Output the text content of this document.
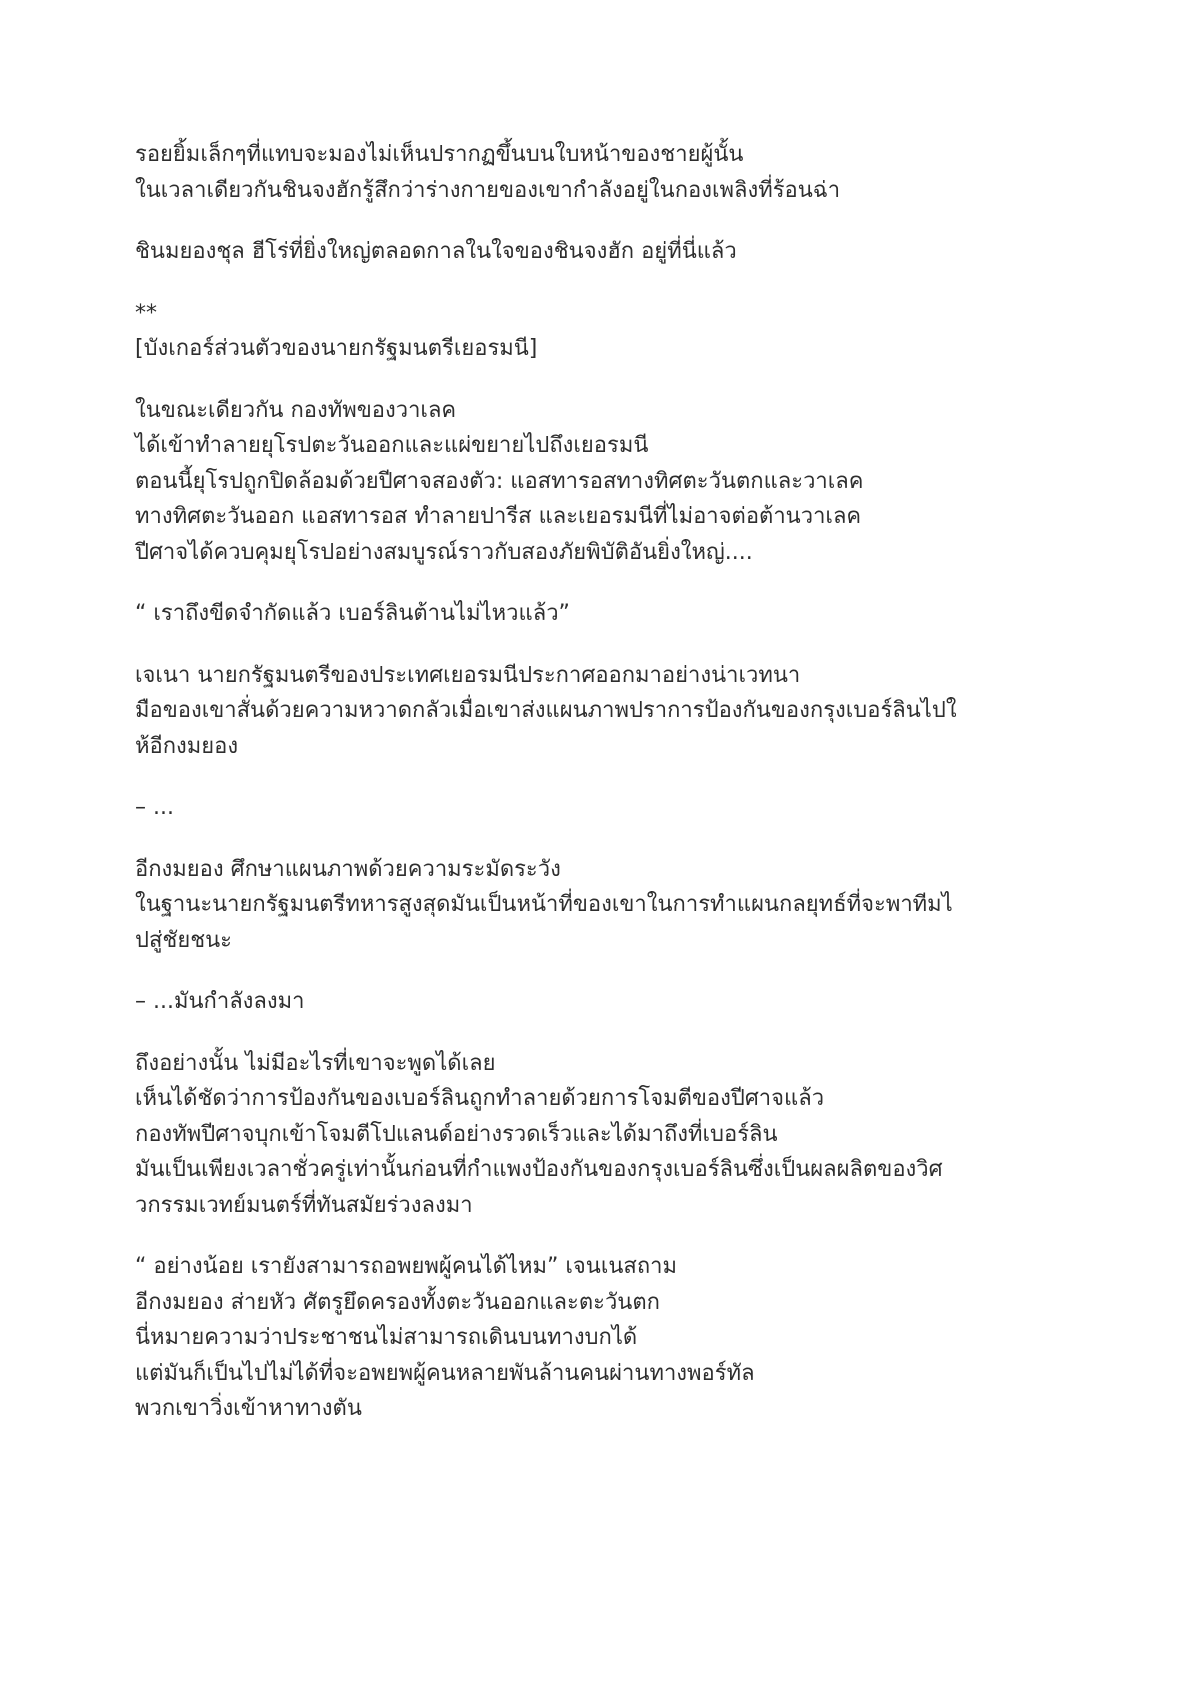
รอยยิ้มเล็กๆที่แทบจะมองไม่เห็นปรากฏขึ้นบนใบหน้าของชายผู้นั้น
ในเวลาเดียวกันชินจงฮักรู้สึกว่าร่างกายของเขากำลังอยู่ในกองเพลิงที่ร้อนฉ่า
ชินมยองชุล ฮีโร่ที่ยิ่งใหญ่ตลอดกาลในใจของชินจงฮัก อยู่ที่นี่แล้ว
**
[บังเกอร์ส่วนตัวของนายกรัฐมนตรีเยอรมนี]
ในขณะเดียวกัน กองทัพของวาเลค
ได้เข้าทำลายยุโรปตะวันออกและแผ่ขยายไปถึงเยอรมนี
ตอนนี้ยุโรปถูกปิดล้อมด้วยปีศาจสองตัว: แอสทารอสทางทิศตะวันตกและวาเลค
ทางทิศตะวันออก แอสทารอส ทำลายปารีส และเยอรมนีที่ไม่อาจต่อต้านวาเลค
ปีศาจได้ควบคุมยุโรปอย่างสมบูรณ์ราวกับสองภัยพิบัติอันยิ่งใหญ่....
“ เราถึงขีดจำกัดแล้ว เบอร์ลินต้านไม่ไหวแล้ว”
เจเนา นายกรัฐมนตรีของประเทศเยอรมนีประกาศออกมาอย่างน่าเวทนา
มือของเขาสั่นด้วยความหวาดกลัวเมื่อเขาส่งแผนภาพปราการป้องกันของกรุงเบอร์ลินไปใ
ห้อีกงมยอง
– ...
อีกงมยอง ศึกษาแผนภาพด้วยความระมัดระวัง
ในฐานะนายกรัฐมนตรีทหารสูงสุดมันเป็นหน้าที่ของเขาในการทำแผนกลยุทธ์ที่จะพาทีมไ
ปสู่ชัยชนะ
– ...มันกำลังลงมา
ถึงอย่างนั้น ไม่มีอะไรที่เขาจะพูดได้เลย
เห็นได้ชัดว่าการป้องกันของเบอร์ลินถูกทำลายด้วยการโจมตีของปีศาจแล้ว
กองทัพปีศาจบุกเข้าโจมตีโปแลนด์อย่างรวดเร็วและได้มาถึงที่เบอร์ลิน
มันเป็นเพียงเวลาชั่วครู่เท่านั้นก่อนที่กำแพงป้องกันของกรุงเบอร์ลินซึ่งเป็นผลผลิตของวิศ
วกรรมเวทย์มนตร์ที่ทันสมัยร่วงลงมา
“ อย่างน้อย เรายังสามารถอพยพผู้คนได้ไหม” เจนเนสถาม
อีกงมยอง ส่ายหัว ศัตรูยึดครองทั้งตะวันออกและตะวันตก
นี่หมายความว่าประชาชนไม่สามารถเดินบนทางบกได้
แต่มันก็เป็นไปไม่ได้ที่จะอพยพผู้คนหลายพันล้านคนผ่านทางพอร์ทัล
พวกเขาวิ่งเข้าหาทางตัน
